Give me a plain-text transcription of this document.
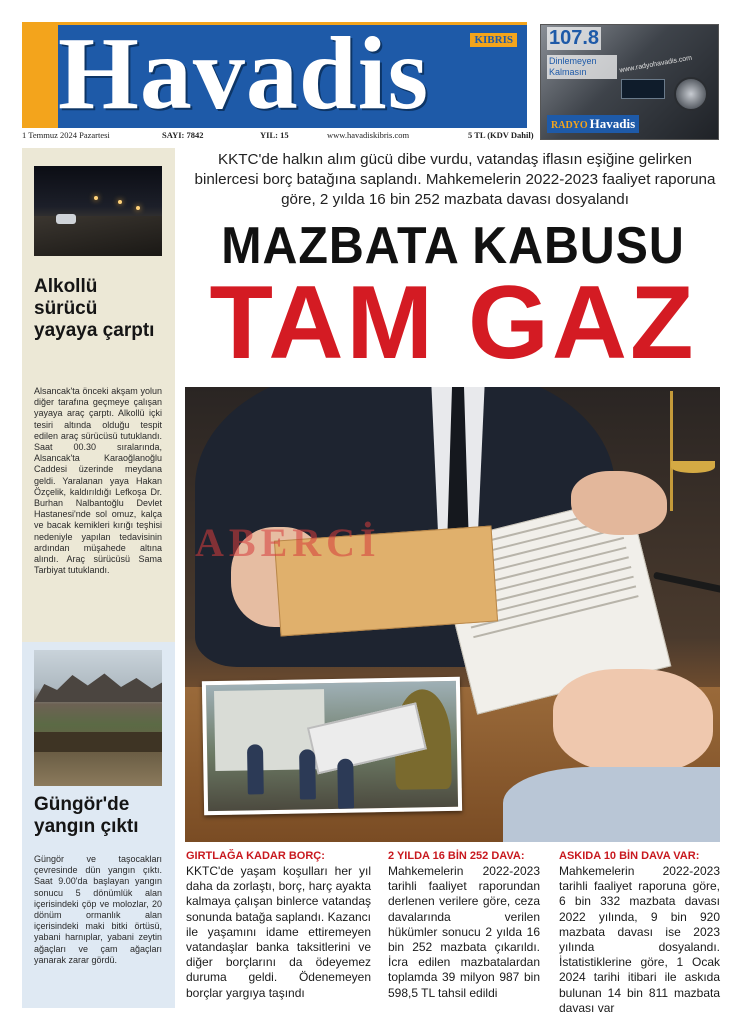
Havadis	KIBRIS
1 Temmuz 2024 Pazartesi	SAYI: 7842	YIL: 15	www.havadiskibris.com	5 TL (KDV Dahil)
107.8
Dinlemeyen Kalmasın	www.radyohavadis.com
RADYO Havadis
Alkollü sürücü yayaya çarptı
Alsancak'ta önceki akşam yolun diğer tarafına geçmeye çalışan yayaya araç çarptı. Alkollü içki tesiri altında olduğu tespit edilen araç sürücüsü tutuklandı. Saat 00.30 sıralarında, Alsancak'ta Karaoğlanoğlu Caddesi üzerinde meydana geldi. Yaralanan yaya Hakan Özçelik, kaldırıldığı Lefkoşa Dr. Burhan Nalbantoğlu Devlet Hastanesi'nde sol omuz, kalça ve bacak kemikleri kırığı teşhisi nedeniyle yapılan tedavisinin ardından müşahede altına alındı. Araç sürücüsü Sama Tarbiyat tutuklandı.
Güngör'de yangın çıktı
Güngör ve taşocakları çevresinde dün yangın çıktı. Saat 9.00'da başlayan yangın sonucu 5 dönümlük alan içerisindeki çöp ve molozlar, 20 dönüm ormanlık alan içerisindeki maki bitki örtüsü, yabani harnıplar, yabani zeytin ağaçları ve çam ağaçları yanarak zarar gördü.
KKTC'de halkın alım gücü dibe vurdu, vatandaş iflasın eşiğine gelirken binlercesi borç batağına saplandı. Mahkemelerin 2022-2023 faaliyet raporuna göre, 2 yılda 16 bin 252 mazbata davası dosyalandı
MAZBATA KABUSU
TAM GAZ
ABERCİ
GIRTLAĞA KADAR BORÇ:
KKTC'de yaşam koşulları her yıl daha da zorlaştı, borç, harç ayakta kalmaya çalışan binlerce vatandaş sonunda batağa saplandı. Kazancı ile yaşamını idame ettiremeyen vatandaşlar banka taksitlerini ve diğer borçlarını da ödeyemez duruma geldi. Ödenemeyen borçlar yargıya taşındı
2 YILDA 16 BİN 252 DAVA:
Mahkemelerin 2022-2023 tarihli faaliyet raporundan derlenen verilere göre, ceza davalarında verilen hükümler sonucu 2 yılda 16 bin 252 mazbata çıkarıldı. İcra edilen mazbatalardan toplamda 39 milyon 987 bin 598,5 TL tahsil edildi
ASKIDA 10 BİN DAVA VAR:
Mahkemelerin 2022-2023 tarihli faaliyet raporuna göre, 6 bin 332 mazbata davası 2022 yılında, 9 bin 920 mazbata davası ise 2023 yılında dosyalandı. İstatistiklerine göre, 1 Ocak 2024 tarihi itibari ile askıda bulunan 14 bin 811 mazbata davası var
